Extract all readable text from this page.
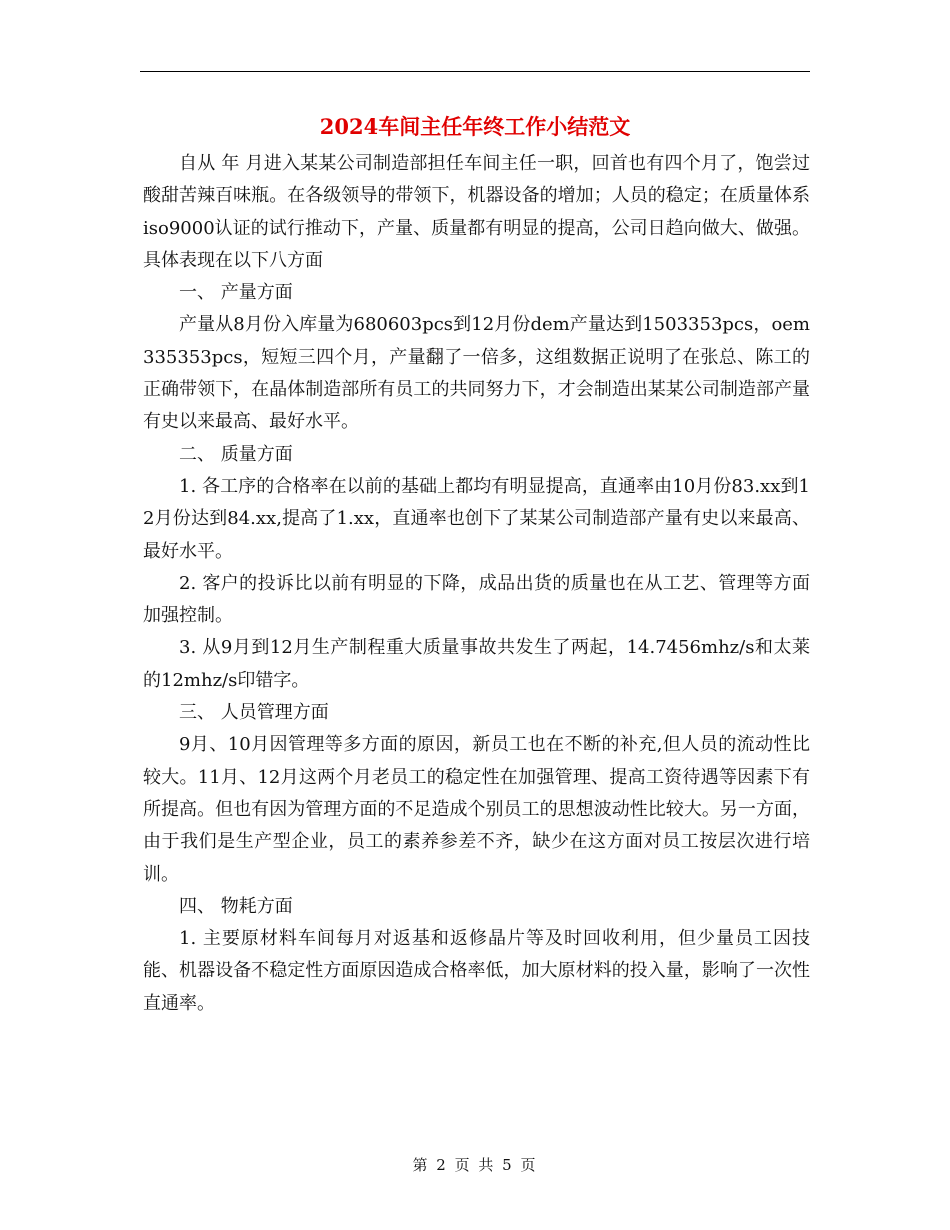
2024车间主任年终工作小结范文

自从 年 月进入某某公司制造部担任车间主任一职，回首也有四个月了，饱尝过酸甜苦辣百味瓶。在各级领导的带领下，机器设备的增加；人员的稳定；在质量体系iso9000认证的试行推动下，产量、质量都有明显的提高，公司日趋向做大、做强。具体表现在以下八方面

一、 产量方面

产量从8月份入库量为680603pcs到12月份dem产量达到1503353pcs，oem335353pcs，短短三四个月，产量翻了一倍多，这组数据正说明了在张总、陈工的正确带领下，在晶体制造部所有员工的共同努力下，才会制造出某某公司制造部产量有史以来最高、最好水平。

二、 质量方面

1. 各工序的合格率在以前的基础上都均有明显提高，直通率由10月份83.xx到12月份达到84.xx,提高了1.xx，直通率也创下了某某公司制造部产量有史以来最高、最好水平。

2. 客户的投诉比以前有明显的下降，成品出货的质量也在从工艺、管理等方面加强控制。

3. 从9月到12月生产制程重大质量事故共发生了两起，14.7456mhz/s和太莱的12mhz/s印错字。

三、 人员管理方面

9月、10月因管理等多方面的原因，新员工也在不断的补充,但人员的流动性比较大。11月、12月这两个月老员工的稳定性在加强管理、提高工资待遇等因素下有所提高。但也有因为管理方面的不足造成个别员工的思想波动性比较大。另一方面，由于我们是生产型企业，员工的素养参差不齐，缺少在这方面对员工按层次进行培训。

四、 物耗方面

1. 主要原材料车间每月对返基和返修晶片等及时回收利用，但少量员工因技能、机器设备不稳定性方面原因造成合格率低，加大原材料的投入量，影响了一次性直通率。

第 2 页 共 5 页
